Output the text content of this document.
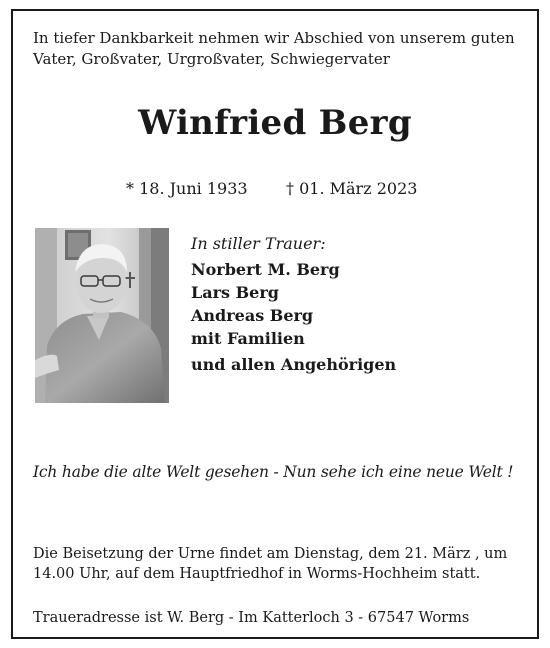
In tiefer Dankbarkeit nehmen wir Abschied von unserem guten
Vater, Großvater, Urgroßvater, Schwiegervater
Winfried Berg
* 18. Juni 1933 † 01. März 2023
In stiller Trauer:
Norbert M. Berg
Lars Berg
Andreas Berg
mit Familien
und allen Angehörigen
Ich habe die alte Welt gesehen - Nun sehe ich eine neue Welt !
Die Beisetzung der Urne findet am Dienstag, dem 21. März , um
14.00 Uhr, auf dem Hauptfriedhof in Worms-Hochheim statt.
Traueradresse ist W. Berg - Im Katterloch 3 - 67547 Worms
